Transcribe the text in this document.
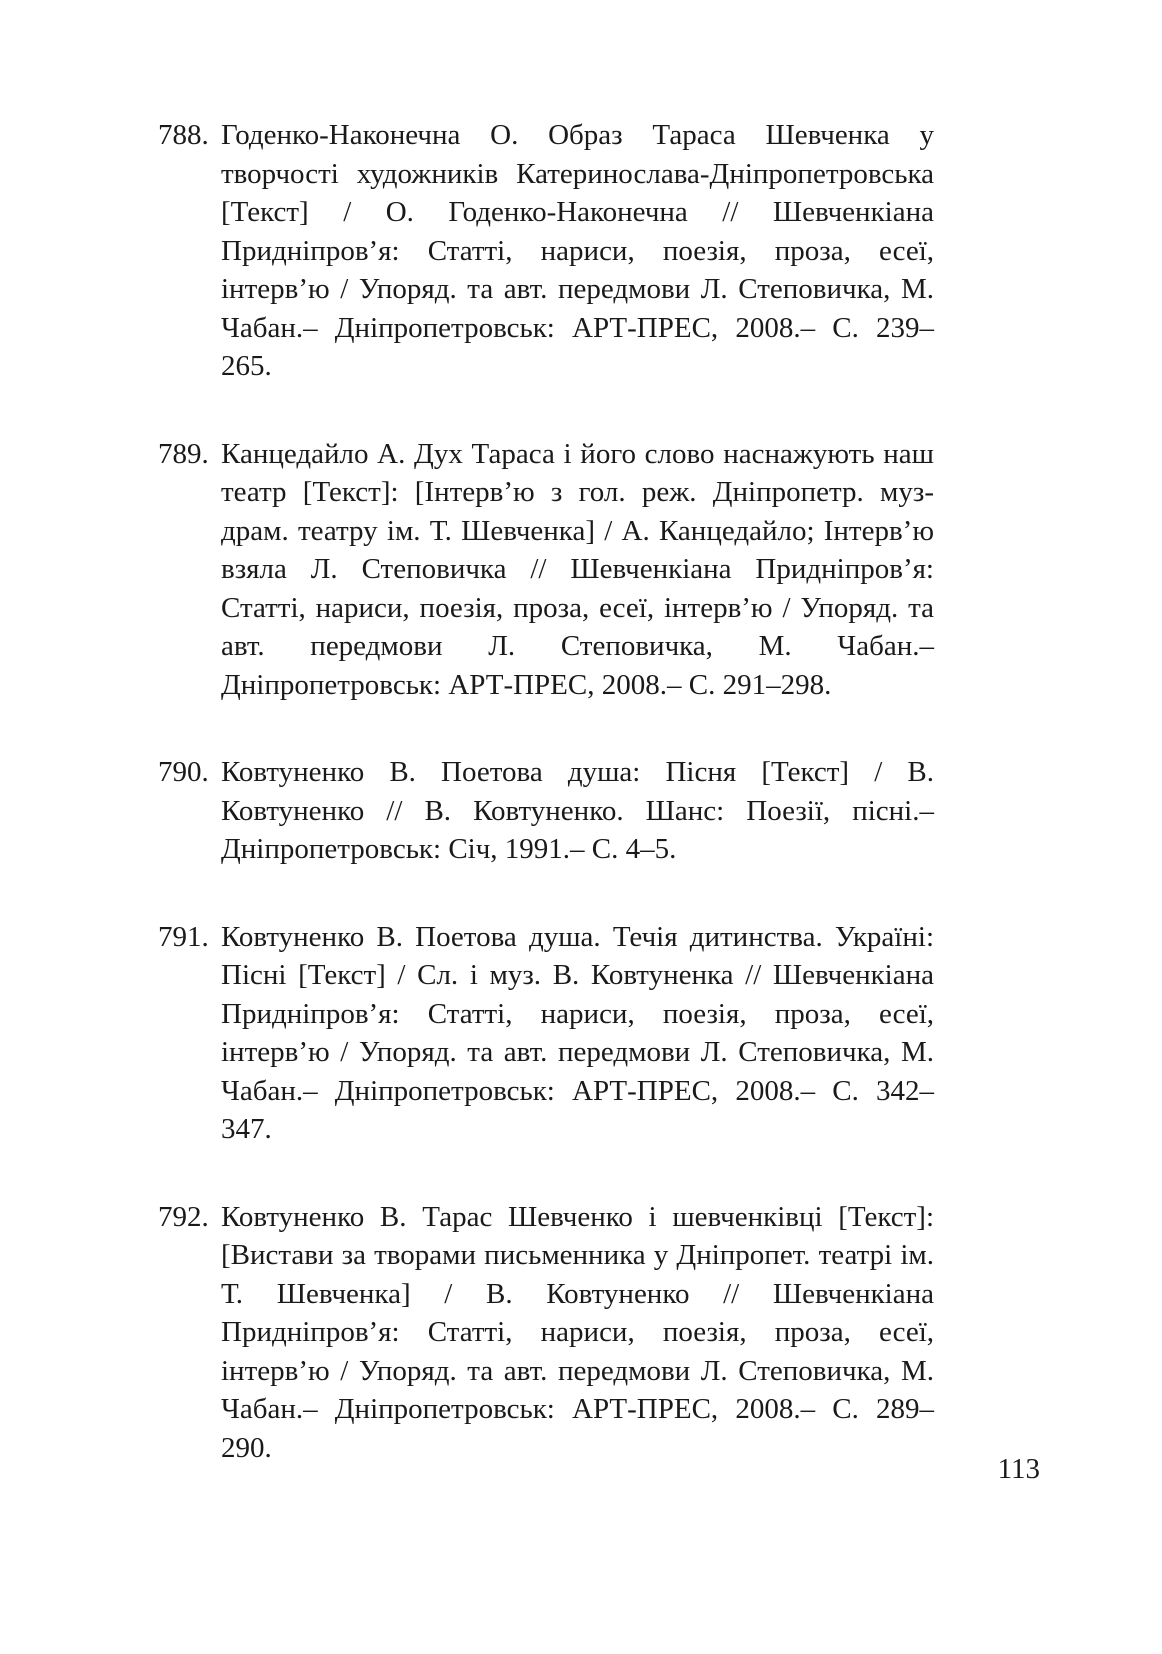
788. Годенко-Наконечна О. Образ Тараса Шевченка у творчості художників Катеринослава-Дніпропетровська [Текст] / О. Годенко-Наконечна // Шевченкіана Придніпров’я: Статті, нариси, поезія, проза, есеї, інтерв’ю / Упоряд. та авт. передмови Л. Степовичка, М. Чабан.– Дніпропетровськ: АРТ-ПРЕС, 2008.– С. 239–265.
789. Канцедайло А. Дух Тараса і його слово наснажують наш театр [Текст]: [Інтерв’ю з гол. реж. Дніпропетр. муз-драм. театру ім. Т. Шевченка] / А. Канцедайло; Інтерв’ю взяла Л. Степовичка // Шевченкіана Придніпров’я: Статті, нариси, поезія, проза, есеї, інтерв’ю / Упоряд. та авт. передмови Л. Степовичка, М. Чабан.– Дніпропетровськ: АРТ-ПРЕС, 2008.– С. 291–298.
790. Ковтуненко В. Поетова душа: Пісня [Текст] / В. Ковтуненко // В. Ковтуненко. Шанс: Поезії, пісні.– Дніпропетровськ: Січ, 1991.– С. 4–5.
791. Ковтуненко В. Поетова душа. Течія дитинства. Україні: Пісні [Текст] / Сл. і муз. В. Ковтуненка // Шевченкіана Придніпров’я: Статті, нариси, поезія, проза, есеї, інтерв’ю / Упоряд. та авт. передмови Л. Степовичка, М. Чабан.– Дніпропетровськ: АРТ-ПРЕС, 2008.– С. 342–347.
792. Ковтуненко В. Тарас Шевченко і шевченківці [Текст]: [Вистави за творами письменника у Дніпропет. театрі ім. Т. Шевченка] / В. Ковтуненко // Шевченкіана Придніпров’я: Статті, нариси, поезія, проза, есеї, інтерв’ю / Упоряд. та авт. передмови Л. Степовичка, М. Чабан.– Дніпропетровськ: АРТ-ПРЕС, 2008.– С. 289–290.
113
